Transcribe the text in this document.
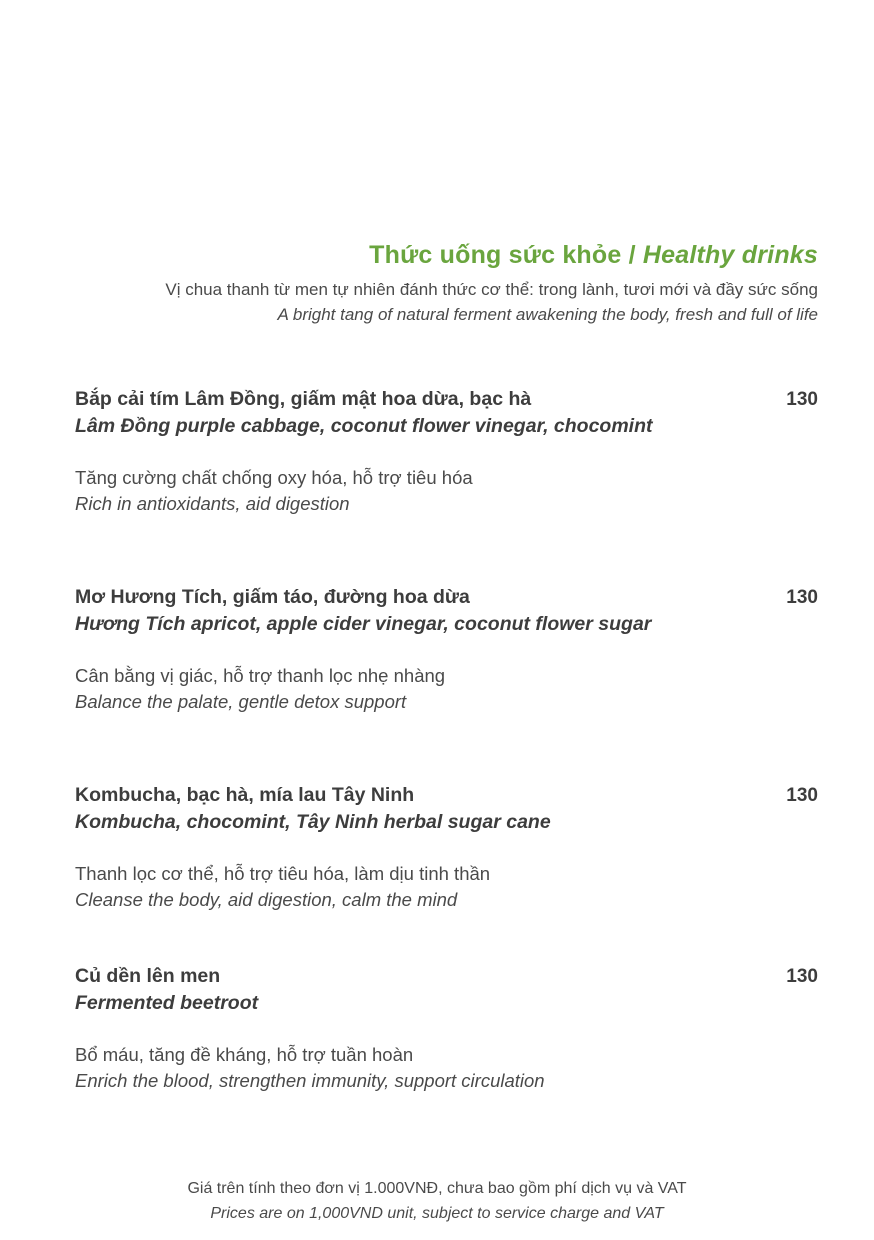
Thức uống sức khỏe / Healthy drinks

Vị chua thanh từ men tự nhiên đánh thức cơ thể: trong lành, tươi mới và đầy sức sống

A bright tang of natural ferment awakening the body, fresh and full of life

Bắp cải tím Lâm Đồng, giấm mật hoa dừa, bạc hà	130
Lâm Đồng purple cabbage, coconut flower vinegar, chocomint

Tăng cường chất chống oxy hóa, hỗ trợ tiêu hóa

Rich in antioxidants, aid digestion

Mơ Hương Tích, giấm táo, đường hoa dừa	130
Hương Tích apricot, apple cider vinegar, coconut flower sugar

Cân bằng vị giác, hỗ trợ thanh lọc nhẹ nhàng

Balance the palate, gentle detox support

Kombucha, bạc hà, mía lau Tây Ninh	130
Kombucha, chocomint, Tây Ninh herbal sugar cane

Thanh lọc cơ thể, hỗ trợ tiêu hóa, làm dịu tinh thần

Cleanse the body, aid digestion, calm the mind

Củ dền lên men	130
Fermented beetroot

Bổ máu, tăng đề kháng, hỗ trợ tuần hoàn

Enrich the blood, strengthen immunity, support circulation

Giá trên tính theo đơn vị 1.000VNĐ, chưa bao gồm phí dịch vụ và VAT

Prices are on 1,000VND unit, subject to service charge and VAT
